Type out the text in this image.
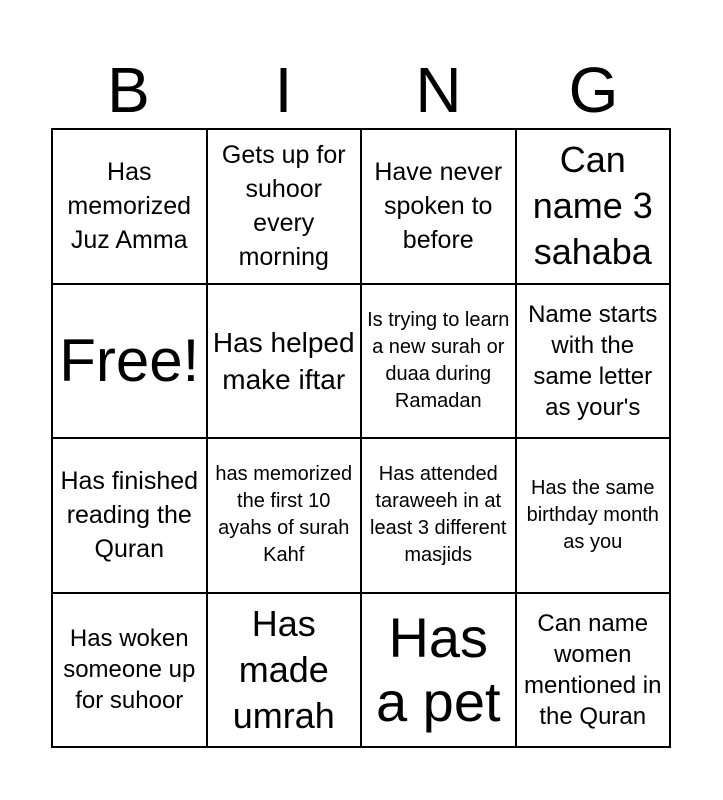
B	I	N	G
Has memorized Juz Amma
Gets up for suhoor every morning
Have never spoken to before
Can name 3 sahaba
Free! Has helped make iftar
Is trying to learn a new surah or duaa during Ramadan
Name starts with the same letter as your's
Has finished reading the Quran
has memorized the first 10 ayahs of surah Kahf
Has attended taraweeh in at least 3 different masjids
Has the same birthday month as you
Has woken someone up for suhoor
Has made umrah
Has a pet
Can name women mentioned in the Quran
